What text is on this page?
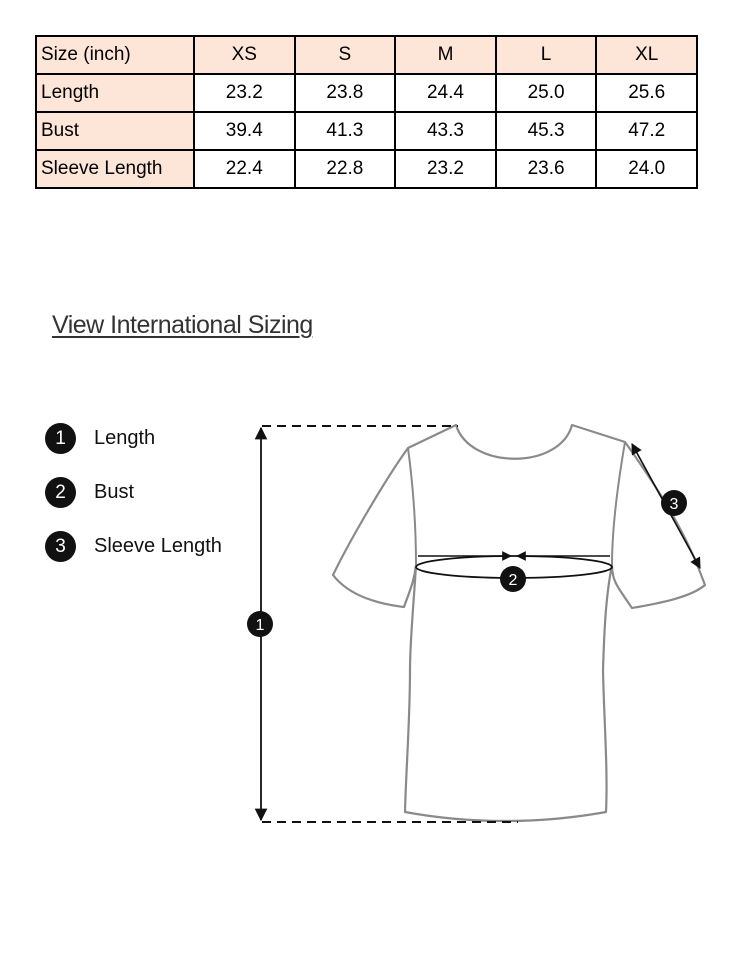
Size (inch)	XS	S	M	L	XL
Length	23.2	23.8	24.4	25.0	25.6
Bust	39.4	41.3	43.3	45.3	47.2
Sleeve Length	22.4	22.8	23.2	23.6	24.0
View International Sizing
1	Length
2	Bust
3	Sleeve Length
1
2
3
